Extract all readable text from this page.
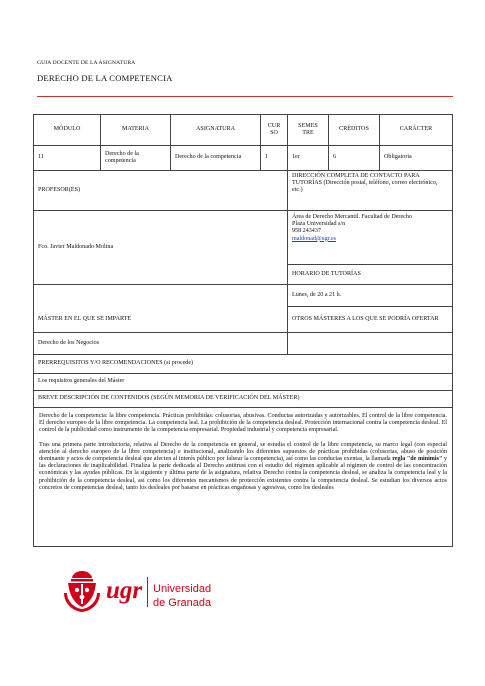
GUIA DOCENTE DE LA ASIGNATURA
DERECHO DE LA COMPETENCIA
MÓDULO	MATERIA	ASIGNATURA	CUR SO	SEMES TRE	CRÉDITOS	CARÁCTER
11	Derecho de la competencia	Derecho de la competencia	1	1er	6	Obligatoria
PROFESOR(ES)				DIRECCIÓN COMPLETA DE CONTACTO PARA TUTORÍAS (Dirección postal, teléfono, correo electrónico, etc.)		
Fco. Javier Maldonado Molina				Área de Derecho Mercantil. Facultad de Derecho
Plaza Universidad s/n
958 243437
maldonad@ugr.es		

				HORARIO DE TUTORÍAS		
				Lunes, de 20 a 21 h.		
MÁSTER EN EL QUE SE IMPARTE				OTROS MÁSTERES A LOS QUE SE PODRÍA OFERTAR		
Derecho de los Negocios						
PRERREQUISITOS Y/O RECOMENDACIONES (si procede)						
Los requisitos generales del Máster						
BREVE DESCRIPCIÓN DE CONTENIDOS (SEGÚN MEMORIA DE VERIFICACIÓN DEL MÁSTER)						

Derecho de la competencia: la libre competencia. Prácticas prohibidas: colusorias, abusivas. Conductas autorizadas y autorizables. El control de la libre competencia. El derecho europeo de la libre competencia. La competencia leal. La prohibición de la competencia desleal. Protección internacional contra la competencia desleal. El control de la publicidad como instrumento de la competencia empresarial. Propiedad industrial y competencia empresarial.

Tras una primera parte introductoria, relativa al Derecho de la competencia en general, se estudia el control de la libre competencia, su marco legal (con especial atención al derecho europeo de la libre competencia) e institucional, analizando los diferentes supuestos de prácticas prohibidas (colusorias, abuso de posición dominante y actos de competencia desleal que afecten al interés público por falsear la competencia), así como las conductas exentas, la llamada regla "de minimis" y las declaraciones de inaplicabilidad. Finaliza la parte dedicada al Derecho antitrust con el estudio del régimen aplicable al régimen de control de las concentración económicas y las ayudas públicas. En la siguiente y última parte de la asignatura, relativa Derecho contra la competencia desleal, se analiza la competencia leal y la prohibición de la competencia desleal, así como los diferentes mecanismos de protección existentes contra la competencia desleal. Se estudian los diversos actos concretos de competencias desleal, tanto los desleales por basarse en prácticas engañosas y agresivas, como los desleales						

ugr Universidad
de Granada
